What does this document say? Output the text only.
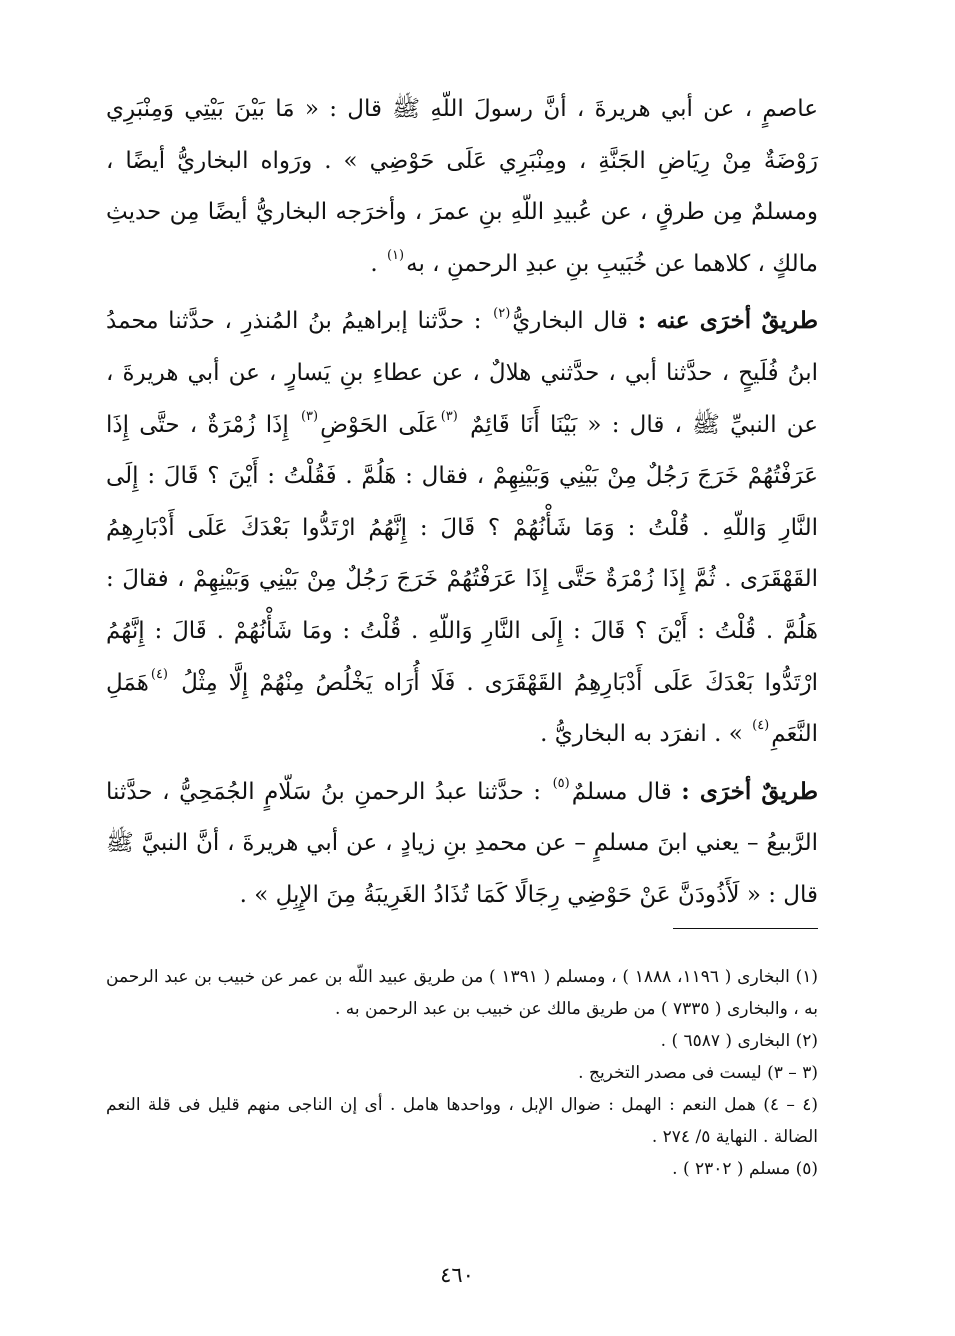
عاصمٍ ، عن أبي هريرةَ ، أنَّ رسولَ اللّهِ ﷺ قال : « مَا بَيْنَ بَيْتِي وَمِنْبَرِي رَوْضَةٌ مِنْ رِيَاضِ الجَنَّةِ ، ومِنْبَرِي عَلَى حَوْضِي » . ورَواه البخاريُّ أيضًا ، ومسلمٌ مِن طرقٍ ، عن عُبيدِ اللّهِ بنِ عمرَ ، وأخرَجه البخاريُّ أيضًا مِن حديثِ مالكٍ ، كلاهما عن خُبَيبِ بنِ عبدِ الرحمنِ ، به$^{(١)}$ .

طريقٌ أخرَى عنه : قال البخاريُّ$^{(٢)}$ : حدَّثنا إبراهيمُ بنُ المُنذرِ ، حدَّثنا محمدُ ابنُ فُلَيحٍ ، حدَّثنا أبي ، حدَّثني هلالٌ ، عن عطاءِ بنِ يَسارٍ ، عن أبي هريرةَ ، عن النبيِّ ﷺ ، قال : « بَيْنَا أَنَا قَائِمٌ $^{(٣)}$عَلَى الحَوْضِ$^{(٣)}$ إِذَا زُمْرَةٌ ، حتَّى إِذَا عَرَفْتُهُمْ خَرَجَ رَجُلٌ مِنْ بَيْنِي وَبَيْنِهِمْ ، فقال : هَلُمَّ . فَقُلْتُ : أَيْنَ ؟ قَالَ : إِلَى النَّارِ وَاللّهِ . قُلْتُ : وَمَا شَأْنُهُمْ ؟ قَالَ : إِنَّهُمُ ارْتَدُّوا بَعْدَكَ عَلَى أَدْبَارِهِمُ القَهْقَرَى . ثُمَّ إِذَا زُمْرَةٌ حَتَّى إِذَا عَرَفْتُهُمْ خَرَجَ رَجُلٌ مِنْ بَيْنِي وَبَيْنِهِمْ ، فقالَ : هَلُمَّ . قُلْتُ : أَيْنَ ؟ قَالَ : إِلَى النَّارِ وَاللّهِ . قُلْتُ : ومَا شَأْنُهُمْ . قَالَ : إِنَّهُمُ ارْتَدُّوا بَعْدَكَ عَلَى أَدْبَارِهِمُ القَهْقَرَى . فَلَا أُرَاه يَخْلُصُ مِنْهُمْ إِلَّا مِثْلُ $^{(٤)}$هَمَلِ النَّعَمِ$^{(٤)}$ » . انفرَد به البخاريُّ .

طريقٌ أخرَى : قال مسلمٌ$^{(٥)}$ : حدَّثنا عبدُ الرحمنِ بنُ سَلّامٍ الجُمَحِيُّ ، حدَّثنا الرَّبيعُ – يعني ابنَ مسلمٍ – عن محمدِ بنِ زيادٍ ، عن أبي هريرةَ ، أنَّ النبيَّ ﷺ قال : « لَأَذُودَنَّ عَنْ حَوْضِي رِجَالًا كَمَا تُذَادُ الغَرِيبَةُ مِنَ الإِبِلِ » .

(١) البخارى ( ١١٩٦، ١٨٨٨ ) ، ومسلم ( ١٣٩١ ) من طريق عبيد اللّه بن عمر عن خبيب بن عبد الرحمن به ، والبخارى ( ٧٣٣٥ ) من طريق مالك عن خبيب بن عبد الرحمن به .

(٢) البخارى ( ٦٥٨٧ ) .

(٣ – ٣) ليست فى مصدر التخريج .

(٤ – ٤) همل النعم : الهمل : ضوال الإبل ، وواحدها هامل . أى إن الناجى منهم قليل فى قلة النعم الضالة . النهاية ٥/ ٢٧٤ .

(٥) مسلم ( ٢٣٠٢ ) .

٤٦٠
